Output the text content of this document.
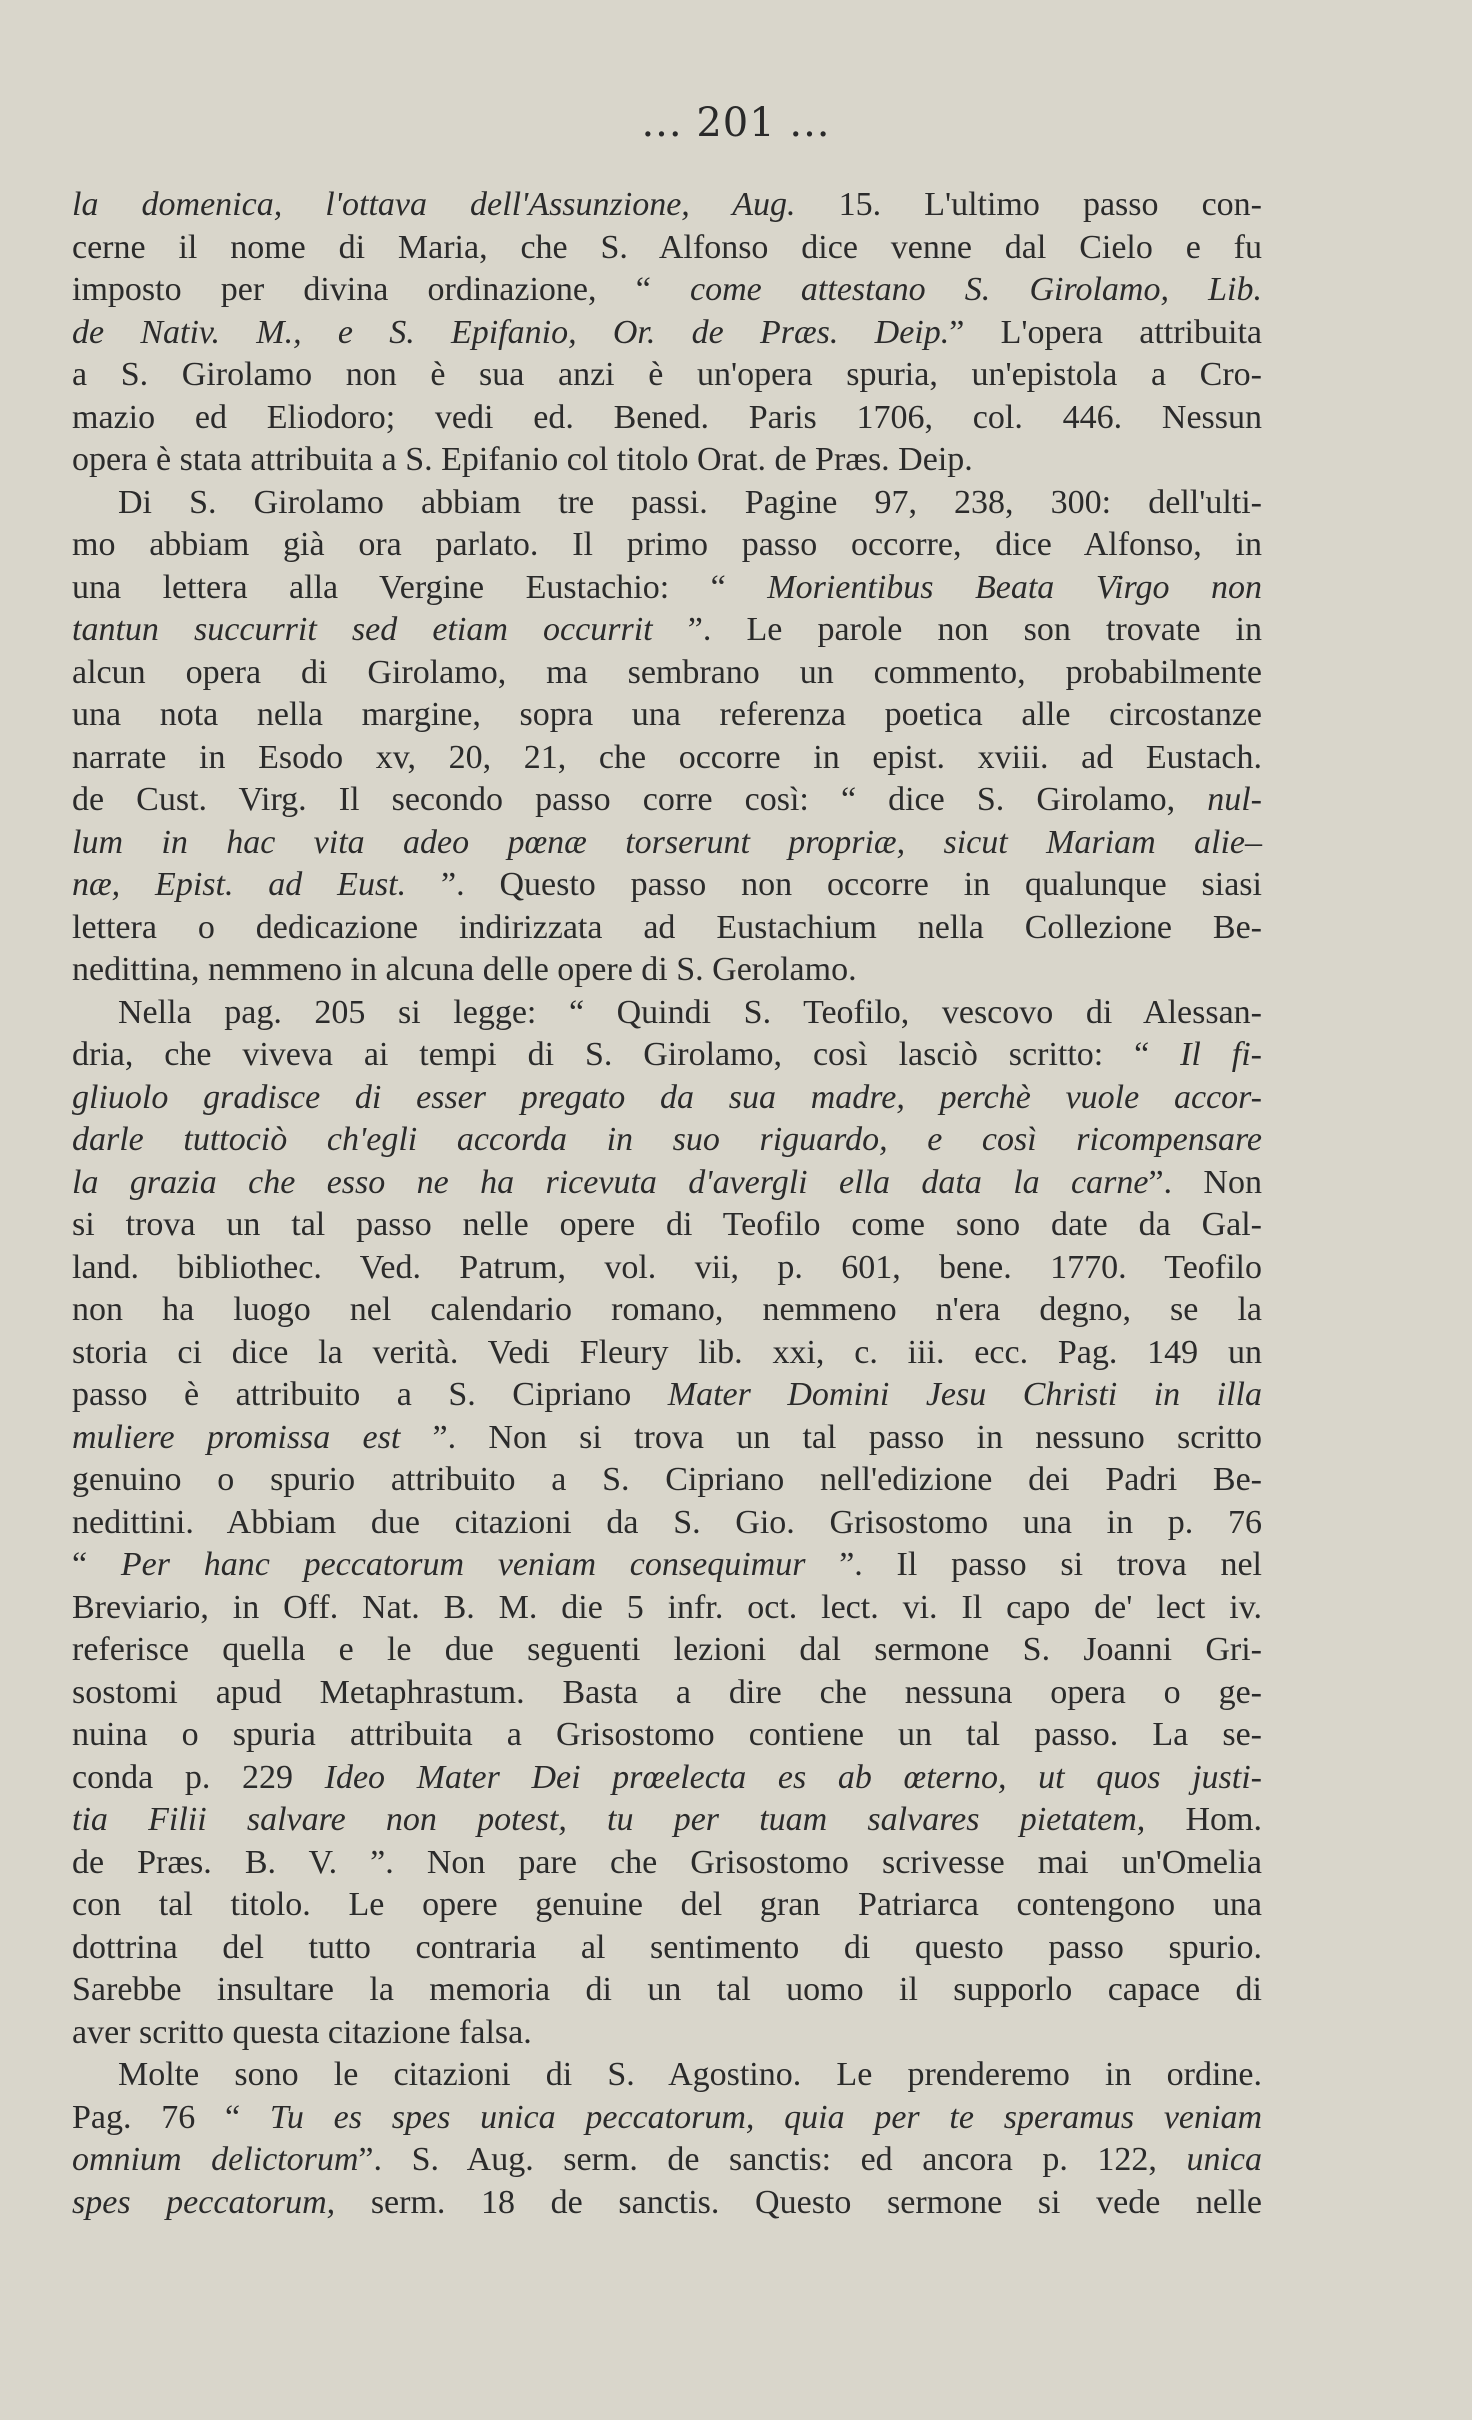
... 201 ...
la domenica, l'ottava dell'Assunzione, Aug. 15. L'ultimo passo con-
cerne il nome di Maria, che S. Alfonso dice venne dal Cielo e fu
imposto per divina ordinazione, “ come attestano S. Girolamo, Lib.
de Nativ. M., e S. Epifanio, Or. de Præs. Deip.” L'opera attribuita
a S. Girolamo non è sua anzi è un'opera spuria, un'epistola a Cro-
mazio ed Eliodoro; vedi ed. Bened. Paris 1706, col. 446. Nessun
opera è stata attribuita a S. Epifanio col titolo Orat. de Præs. Deip.
Di S. Girolamo abbiam tre passi. Pagine 97, 238, 300: dell'ulti-
mo abbiam già ora parlato. Il primo passo occorre, dice Alfonso, in
una lettera alla Vergine Eustachio: “ Morientibus Beata Virgo non
tantun succurrit sed etiam occurrit ”. Le parole non son trovate in
alcun opera di Girolamo, ma sembrano un commento, probabilmente
una nota nella margine, sopra una referenza poetica alle circostanze
narrate in Esodo xv, 20, 21, che occorre in epist. xviii. ad Eustach.
de Cust. Virg. Il secondo passo corre così: “ dice S. Girolamo, nul-
lum in hac vita adeo pœnæ torserunt propriæ, sicut Mariam alie–
næ, Epist. ad Eust. ”. Questo passo non occorre in qualunque siasi
lettera o dedicazione indirizzata ad Eustachium nella Collezione Be-
nedittina, nemmeno in alcuna delle opere di S. Gerolamo.
Nella pag. 205 si legge: “ Quindi S. Teofilo, vescovo di Alessan-
dria, che viveva ai tempi di S. Girolamo, così lasciò scritto: “ Il fi-
gliuolo gradisce di esser pregato da sua madre, perchè vuole accor-
darle tuttociò ch'egli accorda in suo riguardo, e così ricompensare
la grazia che esso ne ha ricevuta d'avergli ella data la carne”. Non
si trova un tal passo nelle opere di Teofilo come sono date da Gal-
land. bibliothec. Ved. Patrum, vol. vii, p. 601, bene. 1770. Teofilo
non ha luogo nel calendario romano, nemmeno n'era degno, se la
storia ci dice la verità. Vedi Fleury lib. xxi, c. iii. ecc. Pag. 149 un
passo è attribuito a S. Cipriano Mater Domini Jesu Christi in illa
muliere promissa est ”. Non si trova un tal passo in nessuno scritto
genuino o spurio attribuito a S. Cipriano nell'edizione dei Padri Be-
nedittini. Abbiam due citazioni da S. Gio. Grisostomo una in p. 76
“ Per hanc peccatorum veniam consequimur ”. Il passo si trova nel
Breviario, in Off. Nat. B. M. die 5 infr. oct. lect. vi. Il capo de' lect iv.
referisce quella e le due seguenti lezioni dal sermone S. Joanni Gri-
sostomi apud Metaphrastum. Basta a dire che nessuna opera o ge-
nuina o spuria attribuita a Grisostomo contiene un tal passo. La se-
conda p. 229 Ideo Mater Dei prœelecta es ab œterno, ut quos justi-
tia Filii salvare non potest, tu per tuam salvares pietatem, Hom.
de Præs. B. V. ”. Non pare che Grisostomo scrivesse mai un'Omelia
con tal titolo. Le opere genuine del gran Patriarca contengono una
dottrina del tutto contraria al sentimento di questo passo spurio.
Sarebbe insultare la memoria di un tal uomo il supporlo capace di
aver scritto questa citazione falsa.
Molte sono le citazioni di S. Agostino. Le prenderemo in ordine.
Pag. 76 “ Tu es spes unica peccatorum, quia per te speramus veniam
omnium delictorum”. S. Aug. serm. de sanctis: ed ancora p. 122, unica
spes peccatorum, serm. 18 de sanctis. Questo sermone si vede nelle
